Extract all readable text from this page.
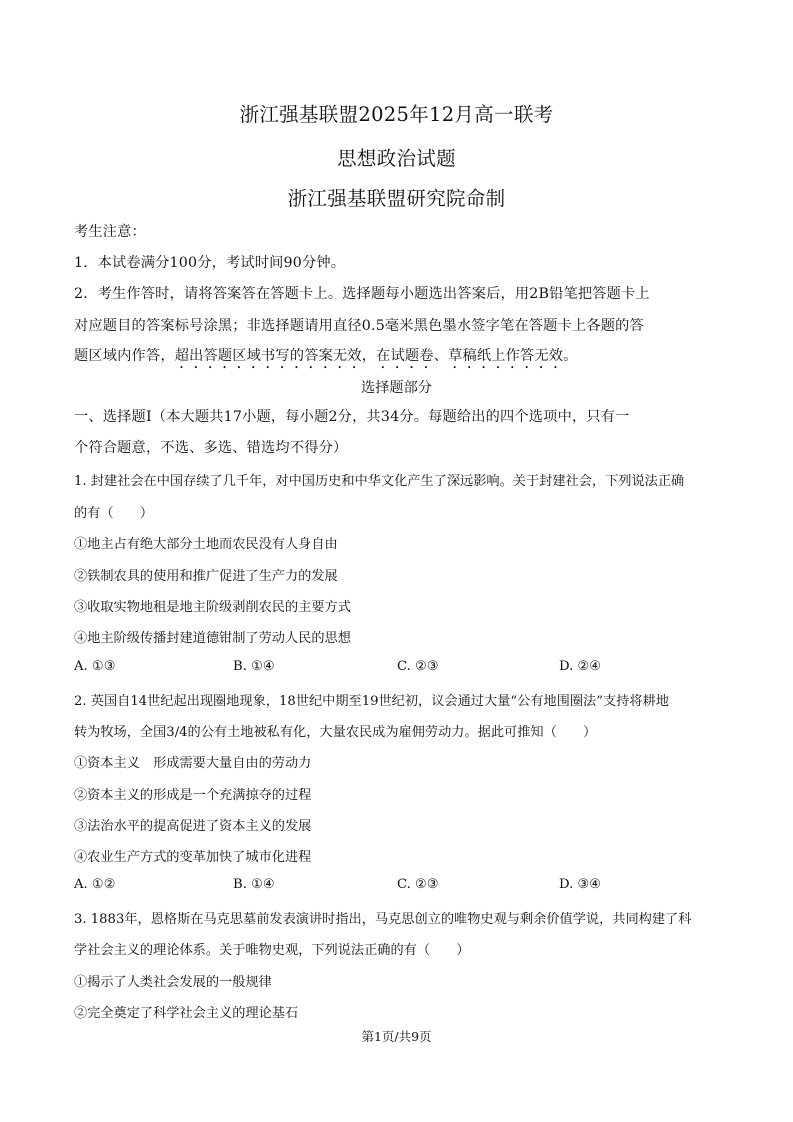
浙江强基联盟2025年12月高一联考
思想政治试题
浙江强基联盟研究院命制
考生注意：
1．本试卷满分100分，考试时间90分钟。
2．考生作答时，请将答案答在答题卡上。选择题每小题选出答案后，用2B铅笔把答题卡上
对应题目的答案标号涂黑；非选择题请用直径0.5毫米黑色墨水签字笔在答题卡上各题的答
题区域内作答，超出答题区域书写的答案无效，在试题卷、草稿纸上作答无效。
选择题部分
一、选择题Ⅰ（本大题共17小题，每小题2分，共34分。每题给出的四个选项中，只有一
个符合题意，不选、多选、错选均不得分）
1. 封建社会在中国存续了几千年，对中国历史和中华文化产生了深远影响。关于封建社会，下列说法正确
的有（　　）
①地主占有绝大部分土地而农民没有人身自由
②铁制农具的使用和推广促进了生产力的发展
③收取实物地租是地主阶级剥削农民的主要方式
④地主阶级传播封建道德钳制了劳动人民的思想
A. ①③	B. ①④	C. ②③	D. ②④
2. 英国自14世纪起出现圈地现象，18世纪中期至19世纪初，议会通过大量“公有地围圈法”支持将耕地
转为牧场，全国3/4的公有土地被私有化，大量农民成为雇佣劳动力。据此可推知（　　）
①资本主义　形成需要大量自由的劳动力
②资本主义的形成是一个充满掠夺的过程
③法治水平的提高促进了资本主义的发展
④农业生产方式的变革加快了城市化进程
A. ①②	B. ①④	C. ②③	D. ③④
3. 1883年，恩格斯在马克思墓前发表演讲时指出，马克思创立的唯物史观与剩余价值学说，共同构建了科
学社会主义的理论体系。关于唯物史观，下列说法正确的有（　　）
①揭示了人类社会发展的一般规律
②完全奠定了科学社会主义的理论基石
第1页/共9页
